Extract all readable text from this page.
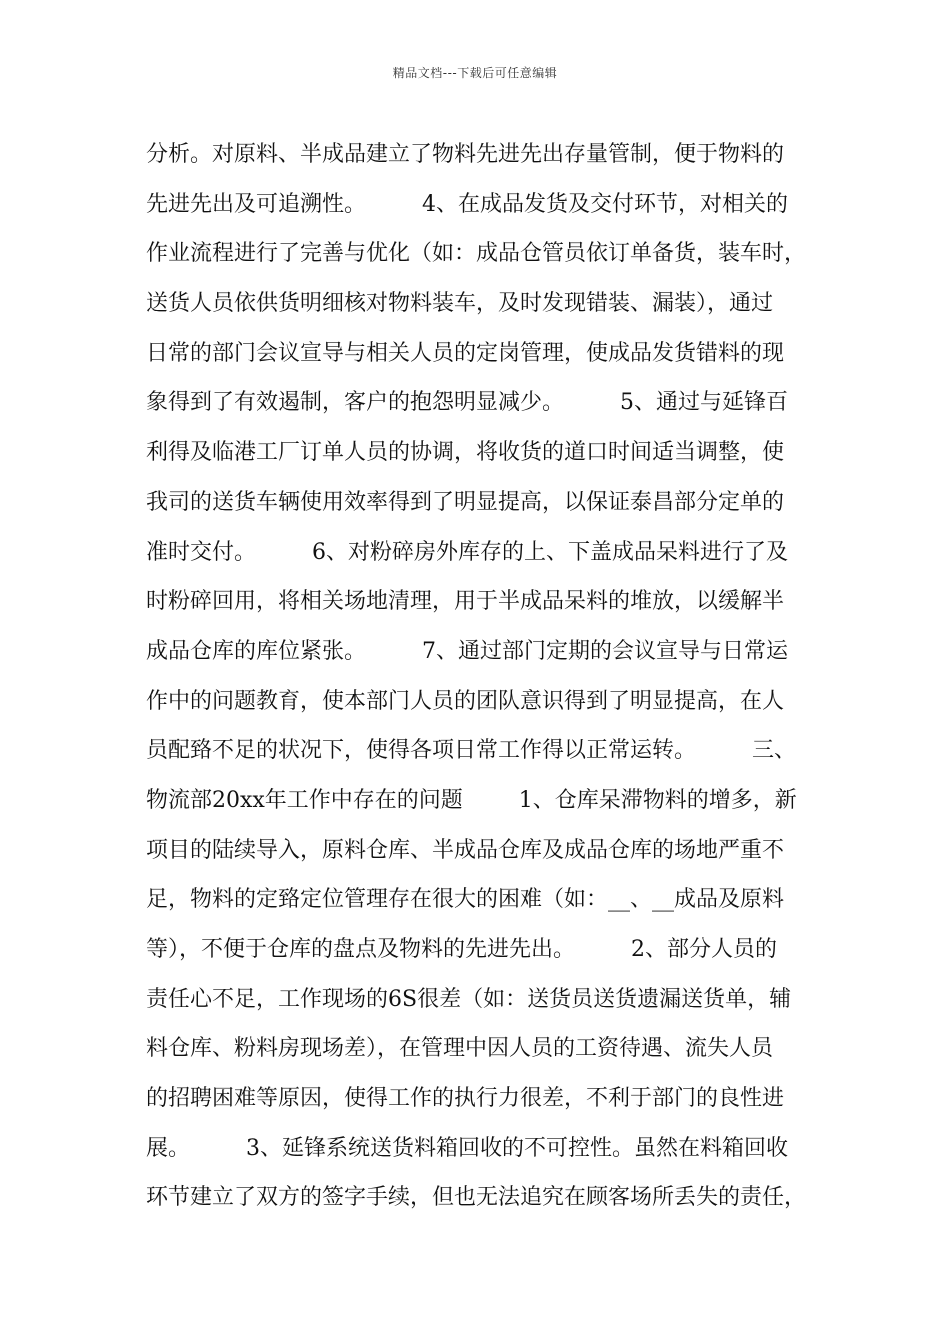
精品文档---下载后可任意编辑
分析。对原料、半成品建立了物料先进先出存量管制，便于物料的
先进先出及可追溯性。        4、在成品发货及交付环节，对相关的
作业流程进行了完善与优化（如：成品仓管员依订单备货，装车时，
送货人员依供货明细核对物料装车，及时发现错装、漏装），通过
日常的部门会议宣导与相关人员的定岗管理，使成品发货错料的现
象得到了有效遏制，客户的抱怨明显减少。        5、通过与延锋百
利得及临港工厂订单人员的协调，将收货的道口时间适当调整，使
我司的送货车辆使用效率得到了明显提高，以保证泰昌部分定单的
准时交付。        6、对粉碎房外库存的上、下盖成品呆料进行了及
时粉碎回用，将相关场地清理，用于半成品呆料的堆放，以缓解半
成品仓库的库位紧张。        7、通过部门定期的会议宣导与日常运
作中的问题教育，使本部门人员的团队意识得到了明显提高，在人
员配臵不足的状况下，使得各项日常工作得以正常运转。        三、
物流部20xx年工作中存在的问题        1、仓库呆滞物料的增多，新
项目的陆续导入，原料仓库、半成品仓库及成品仓库的场地严重不
足，物料的定臵定位管理存在很大的困难（如：__、__成品及原料
等），不便于仓库的盘点及物料的先进先出。        2、部分人员的
责任心不足，工作现场的6S很差（如：送货员送货遗漏送货单，辅
料仓库、粉料房现场差），在管理中因人员的工资待遇、流失人员
的招聘困难等原因，使得工作的执行力很差，不利于部门的良性进
展。        3、延锋系统送货料箱回收的不可控性。虽然在料箱回收
环节建立了双方的签字手续，但也无法追究在顾客场所丢失的责任，
